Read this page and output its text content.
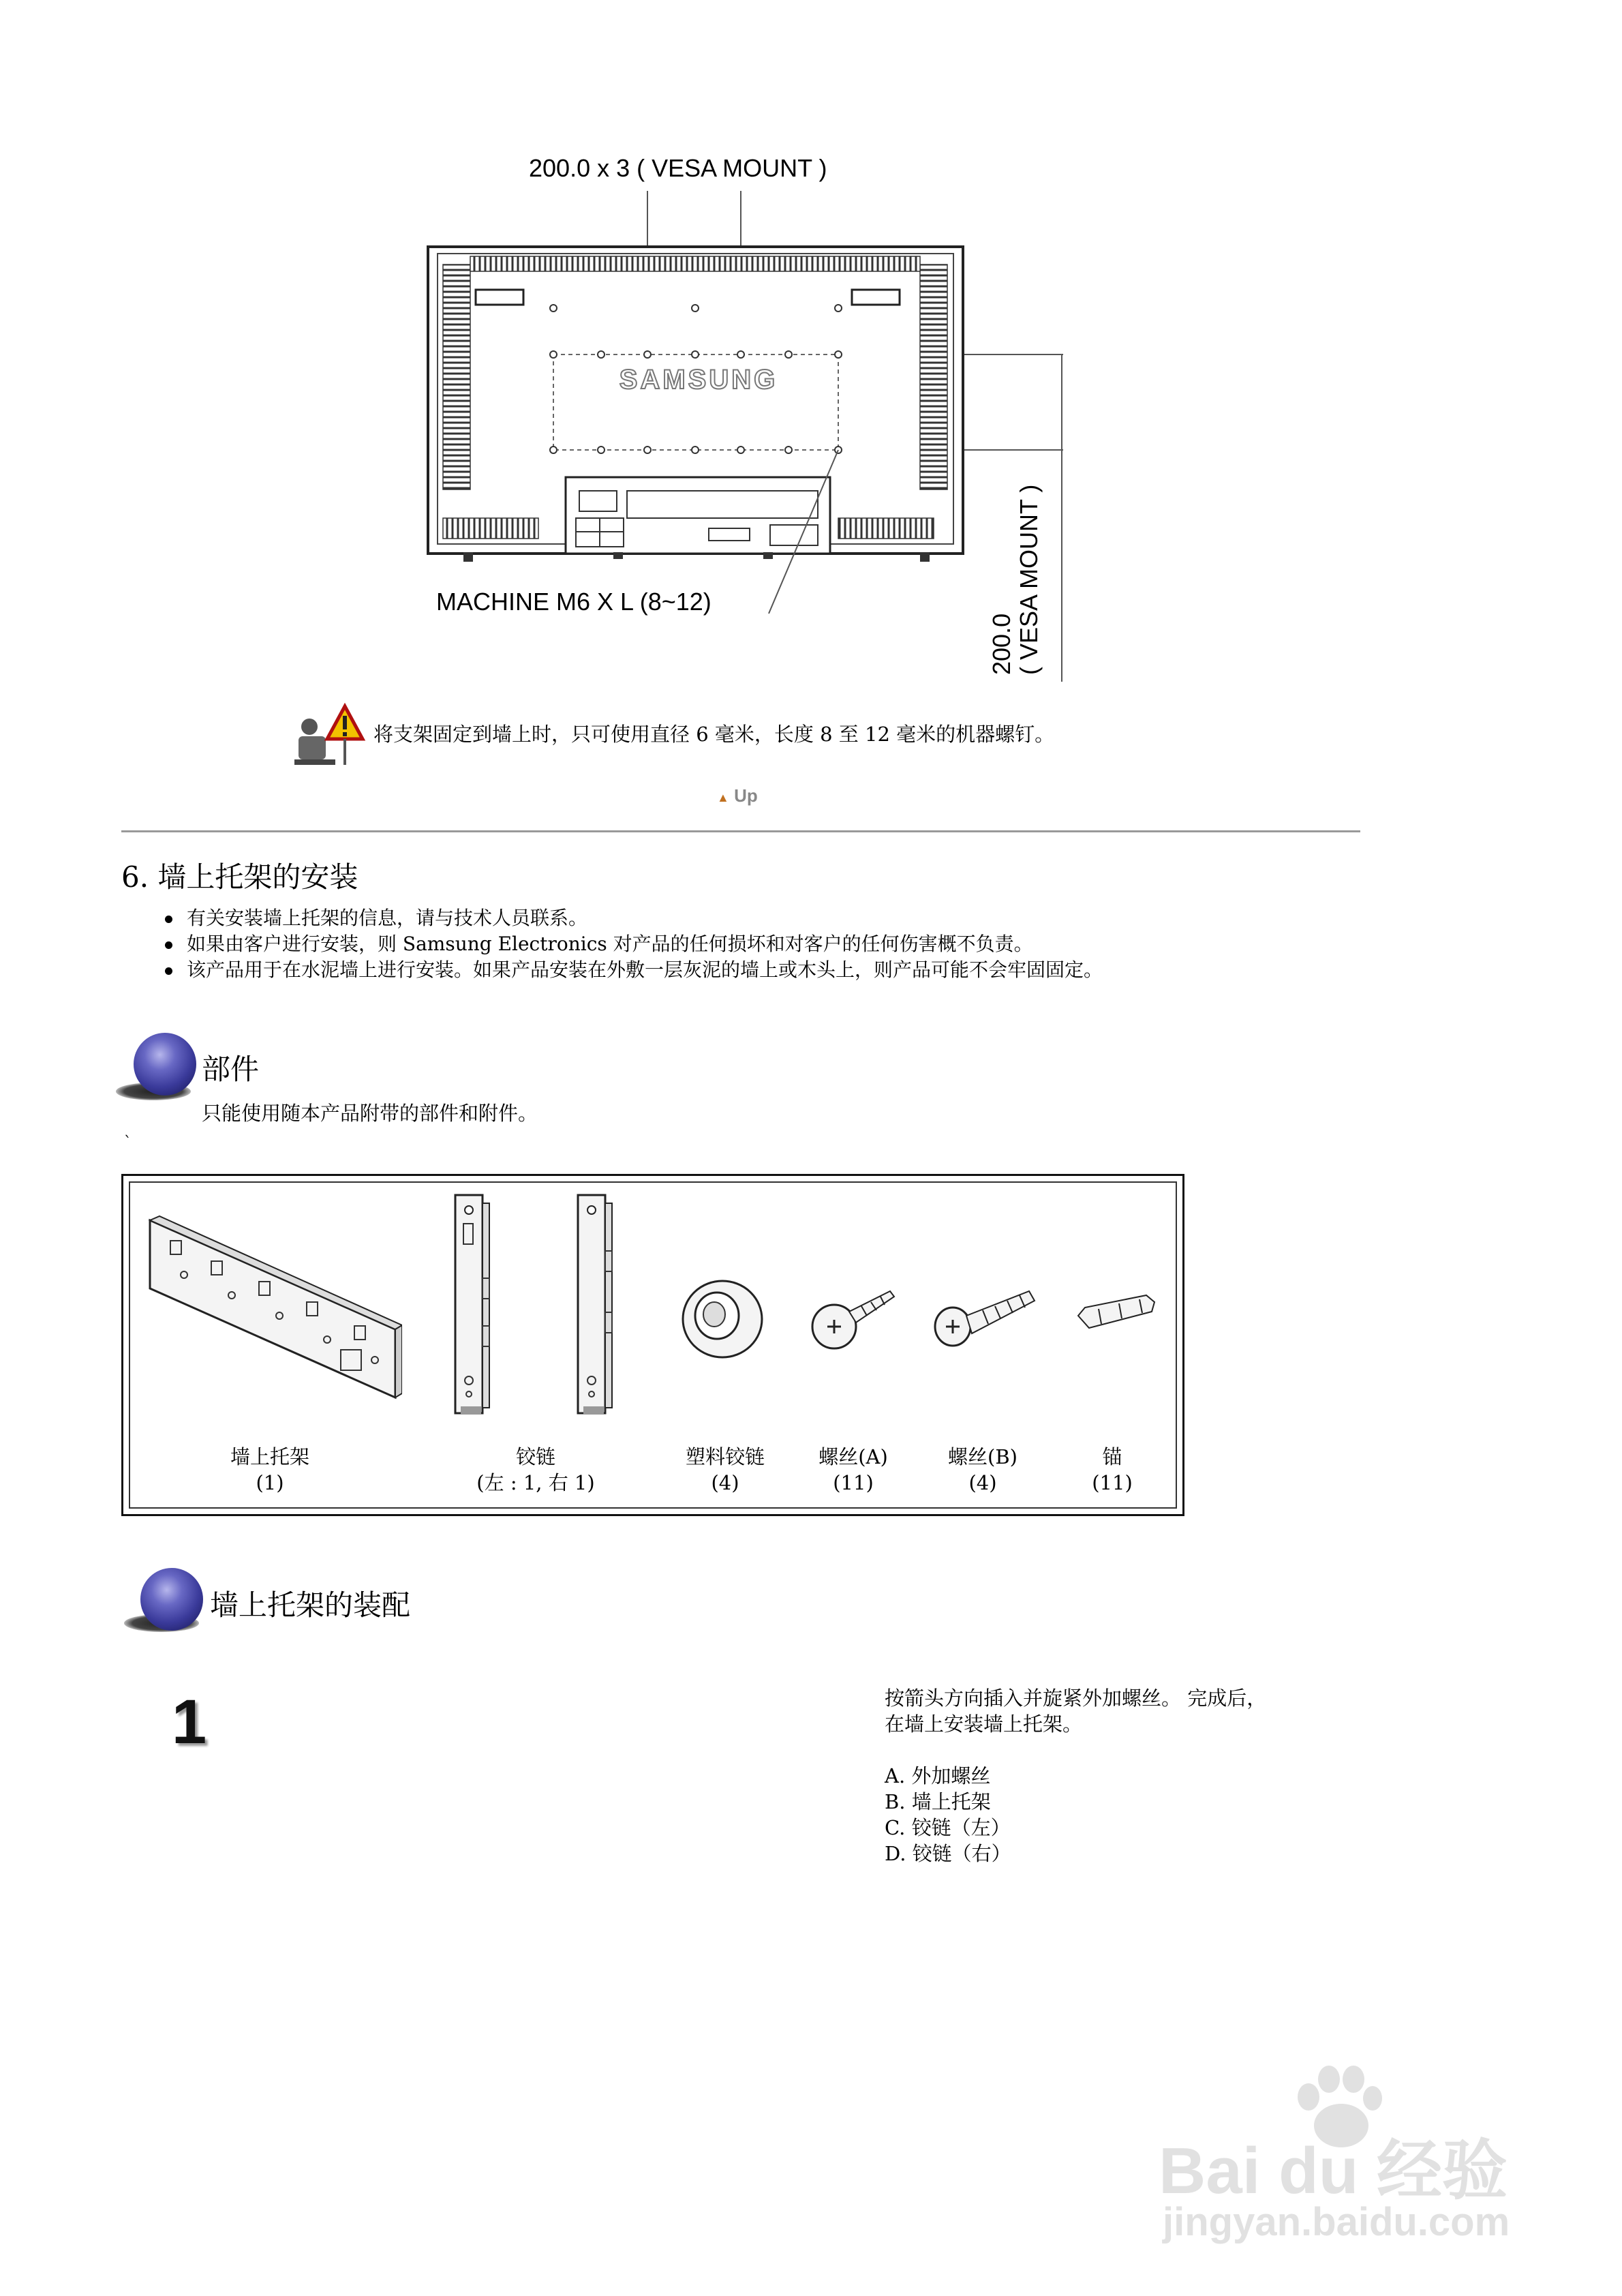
200.0 x 3 ( VESA MOUNT )
SAMSUNG
MACHINE M6 X L (8~12)
200.0 ( VESA MOUNT )
将支架固定到墙上时，只可使用直径 6 毫米，长度 8 至 12 毫米的机器螺钉。
▲ Up
6. 墙上托架的安装
有关安装墙上托架的信息，请与技术人员联系。
如果由客户进行安装，则 Samsung Electronics 对产品的任何损坏和对客户的任何伤害概不负责。
该产品用于在水泥墙上进行安装。如果产品安装在外敷一层灰泥的墙上或木头上，则产品可能不会牢固固定。
部件
只能使用随本产品附带的部件和附件。
`
墙上托架
(1)
铰链
(左 : 1, 右 1)
塑料铰链
(4)
螺丝(A)
(11)
螺丝(B)
(4)
锚
(11)
墙上托架的装配
1	按箭头方向插入并旋紧外加螺丝。 完成后，
在墙上安装墙上托架。
A. 外加螺丝
B. 墙上托架
C. 铰链（左）
D. 铰链（右）
Bai du 经验
jingyan.baidu.com
